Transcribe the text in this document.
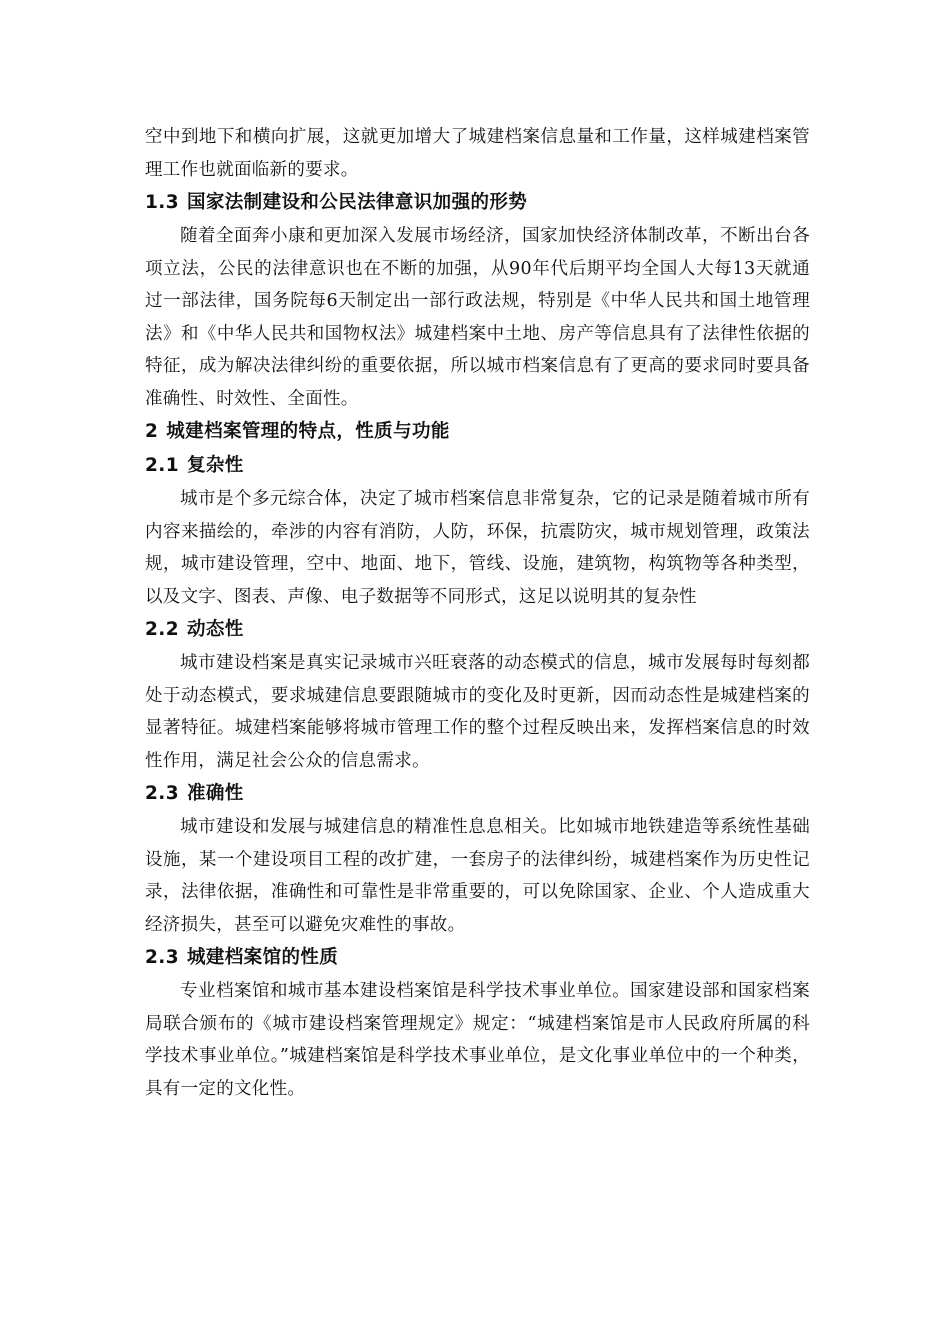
空中到地下和横向扩展，这就更加增大了城建档案信息量和工作量，这样城建档案管理工作也就面临新的要求。

1.3 国家法制建设和公民法律意识加强的形势

随着全面奔小康和更加深入发展市场经济，国家加快经济体制改革，不断出台各项立法，公民的法律意识也在不断的加强，从90年代后期平均全国人大每13天就通过一部法律，国务院每6天制定出一部行政法规，特别是《中华人民共和国土地管理法》和《中华人民共和国物权法》城建档案中土地、房产等信息具有了法律性依据的特征，成为解决法律纠纷的重要依据，所以城市档案信息有了更高的要求同时要具备准确性、时效性、全面性。

2 城建档案管理的特点，性质与功能
2.1 复杂性

城市是个多元综合体，决定了城市档案信息非常复杂，它的记录是随着城市所有内容来描绘的，牵涉的内容有消防，人防，环保，抗震防灾，城市规划管理，政策法规，城市建设管理，空中、地面、地下，管线、设施，建筑物，构筑物等各种类型，以及文字、图表、声像、电子数据等不同形式，这足以说明其的复杂性

2.2 动态性

城市建设档案是真实记录城市兴旺衰落的动态模式的信息，城市发展每时每刻都处于动态模式，要求城建信息要跟随城市的变化及时更新，因而动态性是城建档案的显著特征。城建档案能够将城市管理工作的整个过程反映出来，发挥档案信息的时效性作用，满足社会公众的信息需求。

2.3 准确性

城市建设和发展与城建信息的精准性息息相关。比如城市地铁建造等系统性基础设施，某一个建设项目工程的改扩建，一套房子的法律纠纷，城建档案作为历史性记录，法律依据，准确性和可靠性是非常重要的，可以免除国家、企业、个人造成重大经济损失，甚至可以避免灾难性的事故。

2.3 城建档案馆的性质

专业档案馆和城市基本建设档案馆是科学技术事业单位。国家建设部和国家档案局联合颁布的《城市建设档案管理规定》规定：“城建档案馆是市人民政府所属的科学技术事业单位。”城建档案馆是科学技术事业单位，是文化事业单位中的一个种类，具有一定的文化性。
